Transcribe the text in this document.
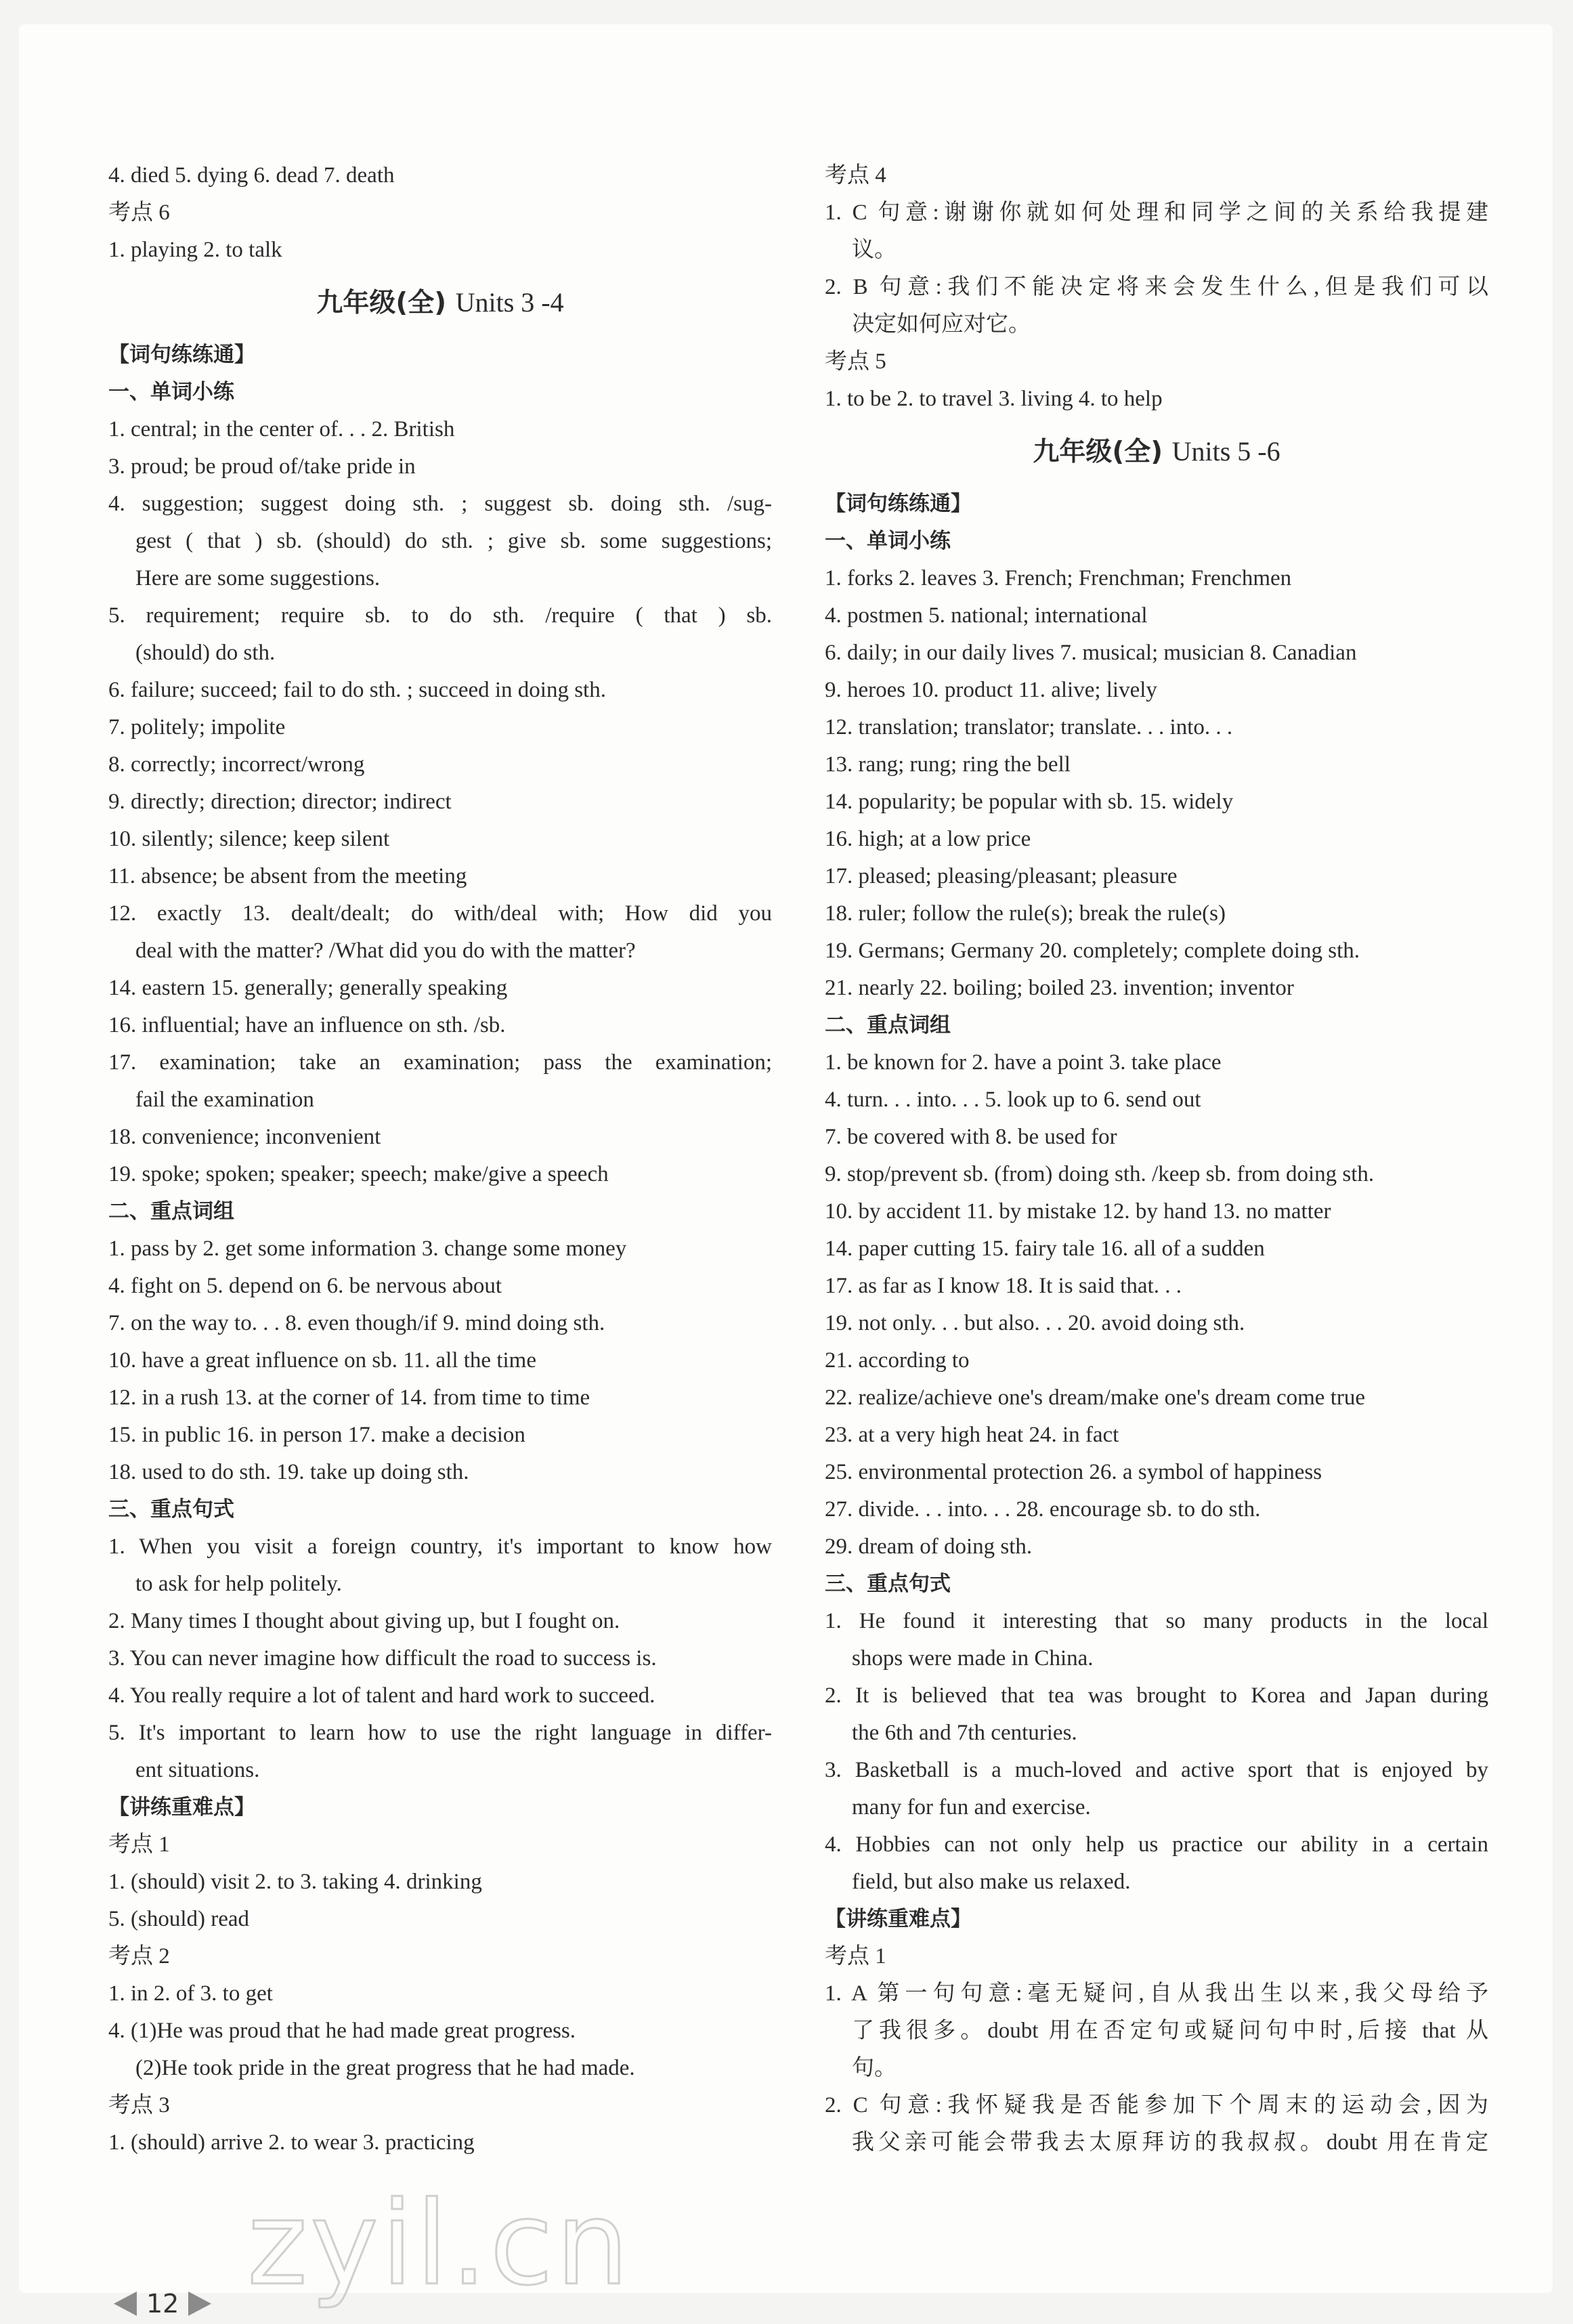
4. died 5. dying 6. dead 7. death
考点 6
1. playing 2. to talk
九年级(全) Units 3 -4
【词句练练通】
一、单词小练
1. central; in the center of. . . 2. British
3. proud; be proud of/take pride in
4. suggestion; suggest doing sth. ; suggest sb. doing sth. /sug-
gest ( that ) sb. (should) do sth. ; give sb. some suggestions;
Here are some suggestions.
5. requirement; require sb. to do sth. /require ( that ) sb.
(should) do sth.
6. failure; succeed; fail to do sth. ; succeed in doing sth.
7. politely; impolite
8. correctly; incorrect/wrong
9. directly; direction; director; indirect
10. silently; silence; keep silent
11. absence; be absent from the meeting
12. exactly 13. dealt/dealt; do with/deal with; How did you
deal with the matter? /What did you do with the matter?
14. eastern 15. generally; generally speaking
16. influential; have an influence on sth. /sb.
17. examination; take an examination; pass the examination;
fail the examination
18. convenience; inconvenient
19. spoke; spoken; speaker; speech; make/give a speech
二、重点词组
1. pass by 2. get some information 3. change some money
4. fight on 5. depend on 6. be nervous about
7. on the way to. . . 8. even though/if 9. mind doing sth.
10. have a great influence on sb. 11. all the time
12. in a rush 13. at the corner of 14. from time to time
15. in public 16. in person 17. make a decision
18. used to do sth. 19. take up doing sth.
三、重点句式
1. When you visit a foreign country, it's important to know how
to ask for help politely.
2. Many times I thought about giving up, but I fought on.
3. You can never imagine how difficult the road to success is.
4. You really require a lot of talent and hard work to succeed.
5. It's important to learn how to use the right language in differ-
ent situations.
【讲练重难点】
考点 1
1. (should) visit 2. to 3. taking 4. drinking
5. (should) read
考点 2
1. in 2. of 3. to get
4. (1)He was proud that he had made great progress.
(2)He took pride in the great progress that he had made.
考点 3
1. (should) arrive 2. to wear 3. practicing
考点 4
1. C 句意:谢谢你就如何处理和同学之间的关系给我提建
议。
2. B 句意:我们不能决定将来会发生什么,但是我们可以
决定如何应对它。
考点 5
1. to be 2. to travel 3. living 4. to help
九年级(全) Units 5 -6
【词句练练通】
一、单词小练
1. forks 2. leaves 3. French; Frenchman; Frenchmen
4. postmen 5. national; international
6. daily; in our daily lives 7. musical; musician 8. Canadian
9. heroes 10. product 11. alive; lively
12. translation; translator; translate. . . into. . .
13. rang; rung; ring the bell
14. popularity; be popular with sb. 15. widely
16. high; at a low price
17. pleased; pleasing/pleasant; pleasure
18. ruler; follow the rule(s); break the rule(s)
19. Germans; Germany 20. completely; complete doing sth.
21. nearly 22. boiling; boiled 23. invention; inventor
二、重点词组
1. be known for 2. have a point 3. take place
4. turn. . . into. . . 5. look up to 6. send out
7. be covered with 8. be used for
9. stop/prevent sb. (from) doing sth. /keep sb. from doing sth.
10. by accident 11. by mistake 12. by hand 13. no matter
14. paper cutting 15. fairy tale 16. all of a sudden
17. as far as I know 18. It is said that. . .
19. not only. . . but also. . . 20. avoid doing sth.
21. according to
22. realize/achieve one's dream/make one's dream come true
23. at a very high heat 24. in fact
25. environmental protection 26. a symbol of happiness
27. divide. . . into. . . 28. encourage sb. to do sth.
29. dream of doing sth.
三、重点句式
1. He found it interesting that so many products in the local
shops were made in China.
2. It is believed that tea was brought to Korea and Japan during
the 6th and 7th centuries.
3. Basketball is a much-loved and active sport that is enjoyed by
many for fun and exercise.
4. Hobbies can not only help us practice our ability in a certain
field, but also make us relaxed.
【讲练重难点】
考点 1
1. A 第一句句意:毫无疑问,自从我出生以来,我父母给予
了我很多。doubt 用在否定句或疑问句中时,后接 that 从
句。
2. C 句意:我怀疑我是否能参加下个周末的运动会,因为
我父亲可能会带我去太原拜访的我叔叔。doubt 用在肯定
12 zyil.cn
